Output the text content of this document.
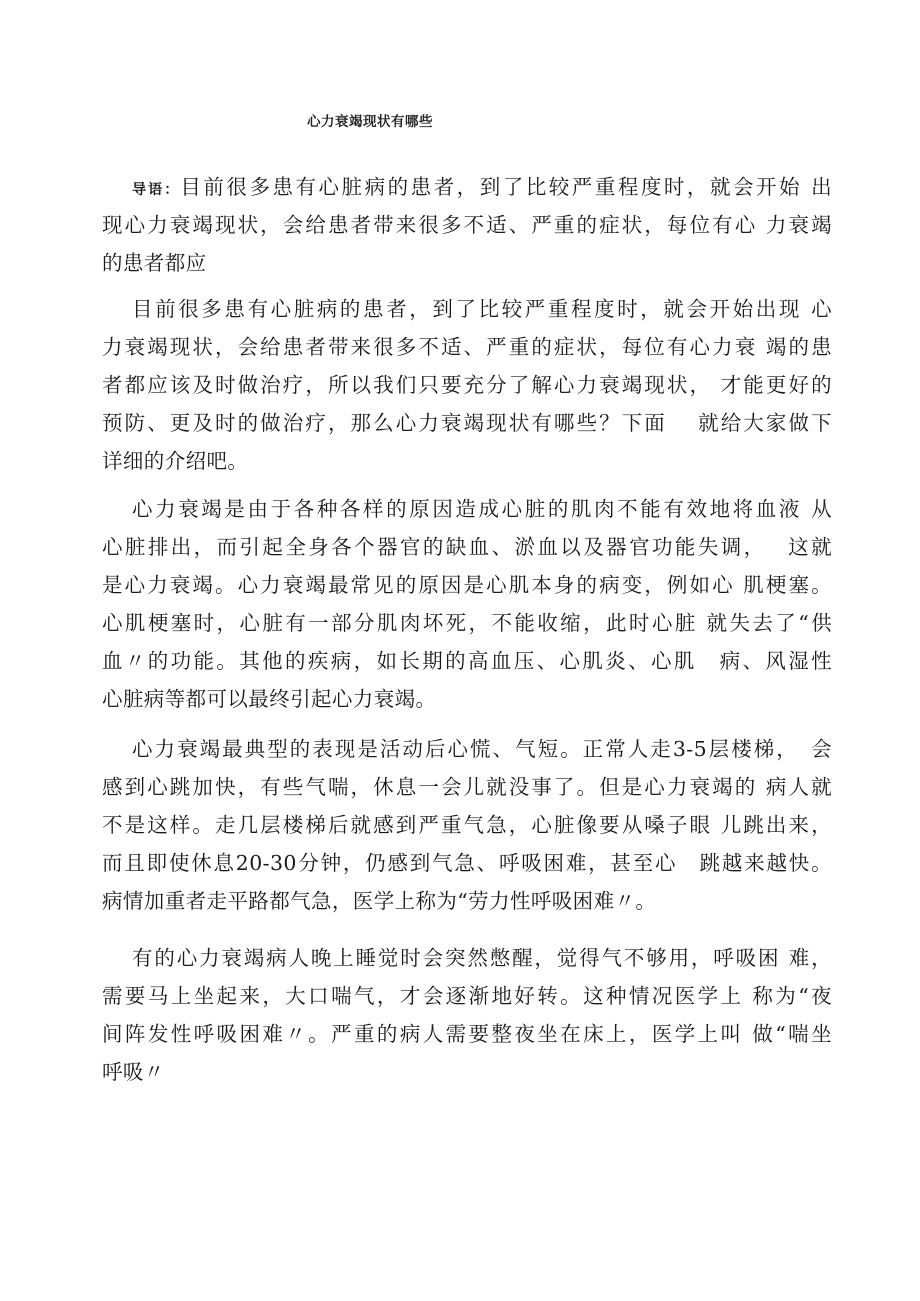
心力衰竭现状有哪些
导语：目前很多患有心脏病的患者，到了比较严重程度时，就会开始 出
现心力衰竭现状，会给患者带来很多不适、严重的症状，每位有心 力衰竭
的患者都应
目前很多患有心脏病的患者，到了比较严重程度时，就会开始出现 心
力衰竭现状，会给患者带来很多不适、严重的症状，每位有心力衰 竭的患
者都应该及时做治疗，所以我们只要充分了解心力衰竭现状， 才能更好的
预防、更及时的做治疗，那么心力衰竭现状有哪些？下面　 就给大家做下
详细的介绍吧。
心力衰竭是由于各种各样的原因造成心脏的肌肉不能有效地将血液 从
心脏排出，而引起全身各个器官的缺血、淤血以及器官功能失调，　 这就
是心力衰竭。心力衰竭最常见的原因是心肌本身的病变，例如心 肌梗塞。
心肌梗塞时，心脏有一部分肌肉坏死，不能收缩，此时心脏 就失去了“供
血〃的功能。其他的疾病，如长期的高血压、心肌炎、心肌　病、风湿性
心脏病等都可以最终引起心力衰竭。
心力衰竭最典型的表现是活动后心慌、气短。正常人走3-5层楼梯，　会
感到心跳加快，有些气喘，休息一会儿就没事了。但是心力衰竭的 病人就
不是这样。走几层楼梯后就感到严重气急，心脏像要从嗓子眼 儿跳出来，
而且即使休息20-30分钟，仍感到气急、呼吸困难，甚至心　跳越来越快。
病情加重者走平路都气急，医学上称为“劳力性呼吸困难〃。
有的心力衰竭病人晚上睡觉时会突然憋醒，觉得气不够用，呼吸困 难，
需要马上坐起来，大口喘气，才会逐渐地好转。这种情况医学上 称为“夜
间阵发性呼吸困难〃。严重的病人需要整夜坐在床上，医学上叫 做“喘坐
呼吸〃
